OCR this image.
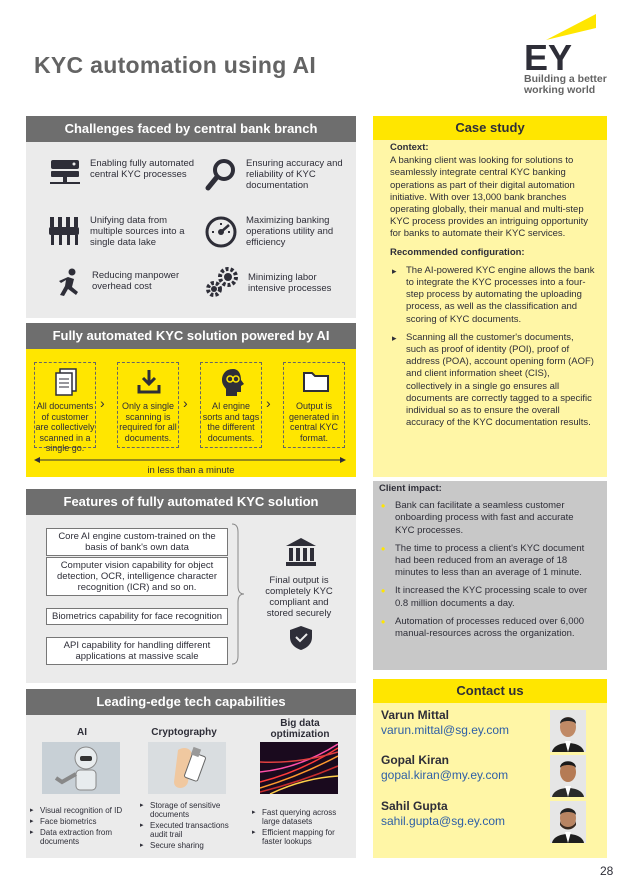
KYC automation using AI	EY
Building a better
working world
Challenges faced by central bank branch
Enabling fully automated central KYC processes
Ensuring accuracy and reliability of KYC documentation
Unifying data from multiple sources into a single data lake
Maximizing banking operations utility and efficiency
Reducing manpower overhead cost
Minimizing labor intensive processes
Fully automated KYC solution powered by AI
All documents of customer are collectively scanned in a single go.
›	Only a single scanning is required for all documents.
›	AI engine sorts and tags the different documents.
›	Output is generated in central KYC format.
in less than a minute
Features of fully automated KYC solution
Core AI engine custom-trained on the basis of bank's own data
Computer vision capability for object detection, OCR, intelligence character recognition (ICR) and so on.
Biometrics capability for face recognition
API capability for handling different applications at massive scale
Final output is completely KYC compliant and stored securely
Leading-edge tech capabilities
AI	Cryptography
Big data optimization
▸ Visual recognition of ID
▸ Face biometrics
▸ Data extraction from documents
▸ Storage of sensitive documents
▸ Executed transactions audit trail
▸ Secure sharing
▸ Fast querying across large datasets
▸ Efficient mapping for faster lookups
Case study

Context:

A banking client was looking for solutions to seamlessly integrate central KYC banking operations as part of their digital automation initiative. With over 13,000 bank branches operating globally, their manual and multi-step KYC process provides an intriguing opportunity for banks to automate their KYC services.

Recommended configuration:

▸ The AI-powered KYC engine allows the bank to integrate the KYC processes into a four-step process by automating the uploading process, as well as the classification and scoring of KYC documents.
▸ Scanning all the customer's documents, such as proof of identity (POI), proof of address (POA), account opening form (AOF) and client information sheet (CIS), collectively in a single go ensures all documents are correctly tagged to a specific individual so as to ensure the overall accuracy of the KYC documentation results.

Client impact:

• Bank can facilitate a seamless customer onboarding process with fast and accurate KYC processes.
• The time to process a client's KYC document had been reduced from an average of 18 minutes to less than an average of 1 minute.
• It increased the KYC processing scale to over 0.8 million documents a day.
• Automation of processes reduced over 6,000 manual-resources across the organization.
Contact us
Varun Mittal
varun.mittal@sg.ey.com
Gopal Kiran
gopal.kiran@my.ey.com
Sahil Gupta
sahil.gupta@sg.ey.com
28
